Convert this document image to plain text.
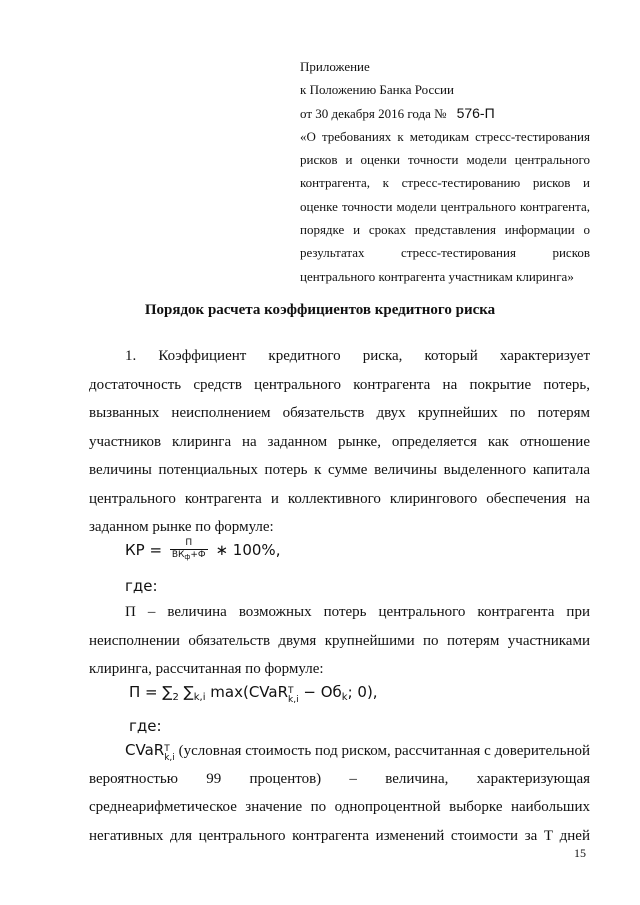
Приложение
к Положению Банка России
от 30 декабря 2016 года № 576-П
«О требованиях к методикам стресс-тестирования
рисков и оценки точности модели центрального
контрагента, к стресс-тестированию рисков и
оценке точности модели центрального контрагента,
порядке и сроках представления информации о
результатах стресс-тестирования рисков
центрального контрагента участникам клиринга»
Порядок расчета коэффициентов кредитного риска
1. Коэффициент кредитного риска, который характеризует
достаточность средств центрального контрагента на покрытие потерь,
вызванных неисполнением обязательств двух крупнейших по потерям
участников клиринга на заданном рынке, определяется как отношение
величины потенциальных потерь к сумме величины выделенного капитала
центрального контрагента и коллективного клирингового обеспечения на
заданном рынке по формуле:
КР = $\frac{П}{ВК_ф+Ф}$ ∗ 100%,
где:
П – величина возможных потерь центрального контрагента при
неисполнении обязательств двумя крупнейшими по потерям участниками
клиринга, рассчитанная по формуле:
$П = \sum_2$ $\sum_{k,i}$ max(CVaR T
$k,i - Об_k$; 0),
где:
CVaR T
k,i (условная стоимость под риском, рассчитанная с доверительной
вероятностью 99 процентов) – величина, характеризующая
среднеарифметическое значение по однопроцентной выборке наибольших
негативных для центрального контрагента изменений стоимости за Т дней
15
